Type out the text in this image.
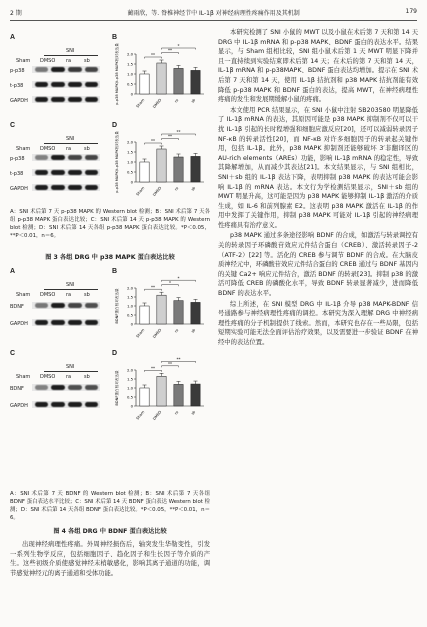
2 期	蔺雨欣，等. 脊椎神经节中 IL-1β 对神经病理性疼痛作用及其机制	179
A
SNI
Sham DMSO ra	sb
p-p38
t-p38
GAPDH
B
p-p38 MAPK/t-p38 MAPK相对表达量	0
0.5
1.0
1.5
2.0
Sham DMSO	ra	sb
**
**
*
C
SNI
Sham DMSO ra	sb
p-p38
t-p38
GAPDH
D
p-p38 MAPK/t-p38 MAPK相对表达量	0
0.5
1.0
1.5
2.0
Sham DMSO	ra	sb
**
**
**
A：SNI 术后第 7 天 p-p38 MAPK 的 Western blot 检测；B：SNI 术后第 7 天各组 p-p38 MAPK 蛋白表达比较；C：SNI 术后第 14 天 p-p38 MAPK 的 Western blot 检测；D：SNI 术后第 14 天各组 p-p38 MAPK 蛋白表达比较。*P＜0.05，**P＜0.01，n＝6。
图 3 各组 DRG 中 p38 MAPK 蛋白表达比较
A
SNI
Sham DMSO ra	sb
BDNF
GAPDH
B
BDNF蛋白相对表达量
0
0.5
1.0
1.5
2.0
Sham DMSO	ra	sb
**
*
*
C
SNI
Sham DMSO ra	sb
BDNF
GAPDH
D
BDNF蛋白相对表达量
0
0.5
1.0
1.5
2.0
Sham DMSO	ra	sb
**
**
**
A：SNI 术后第 7 天 BDNF 的 Western blot 检测；B：SNI 术后第 7 天各组 BDNF 蛋白表达水平比较；C：SNI 术后第 14 天 BDNF 蛋白表达 Western blot 检测；D：SNI 术后第 14 天各组 BDNF 蛋白表达比较。*P＜0.05，**P＜0.01，n＝6。
图 4 各组 DRG 中 BDNF 蛋白表达比较

出现神经病理性疼痛。外周神经损伤后，轴突发生华勒变性，引发一系列生物学反应，包括细胞因子、趋化因子和生长因子等介质的产生。这些初级介质使感觉神经末梢敏感化，影响其离子通道的功能，调节感觉神经元的离子通道和受体功能。

本研究检测了 SNI 小鼠的 MWT 以及小鼠在术后第 7 天和第 14 天 DRG 中 IL-1β mRNA 和 p-p38 MAPK、BDNF 蛋白的表达水平。结果显示，与 Sham 组相比较，SNI 组小鼠术后第 1 天 MWT 明显下降并且一直持续到实验结束即术后第 14 天；在术后的第 7 天和第 14 天，IL-1β mRNA 和 p-p38MAPK、BDNF 蛋白表达均增加。提示在 SNI 术后第 7 天和第 14 天，使用 IL-1β 拮抗剂和 p38 MAPK 拮抗剂能有效降低 p-p38 MAPK 和 BDNF 蛋白的表达，提高 MWT，在神经病理性疼痛的发生和发展期缓解小鼠的疼痛。

本文使用 PCR 结果显示，在 SNI 小鼠中注射 SB203580 明显降低了 IL-1β mRNA 的表达，其原因可能是 p38 MAPK 抑制剂不仅可以干扰 IL-1β 引起的长时程增强和细胞应激反应[20]，还可以减弱转录因子 NF-κB 的转录活性[20]，而 NF-κB 对许多细胞因子的转录起关键作用，包括 IL-1β。此外，p38 MAPK 抑制剂还能够破坏 3′非翻译区的 AU-rich elements（AREs）功能，影响 IL-1β mRNA 的稳定性，导致其降解增加，从而减少其表达[21]。本文结果显示，与 SNI 组相比，SNI＋sb 组的 IL-1β 表达下降，表明抑制 p38 MAPK 的表达可能会影响 IL-1β 的 mRNA 表达。本文行为学检测结果显示，SNI＋sb 组的 MWT 明显升高，这可能是因为 p38 MAPK 能够抑制 IL-1β 激活的介质生成，如 IL-6 和前列腺素 E2。这表明 p38 MAPK 激活在 IL-1β 的作用中发挥了关键作用，抑制 p38 MAPK 可能对 IL-1β 引起的神经病理性疼痛具有治疗意义。

p38 MAPK 通过多条途径影响 BDNF 的合成，如激活与转录调控有关的转录因子环磷酸苷效应元件结合蛋白（CREB）、激活转录因子-2（ATF-2）[22] 等。活化的 CREB 参与调节 BDNF 的合成。在大脑皮质神经元中，环磷酸苷效应元件结合蛋白的 CREB 通过与 BDNF 基因内的关键 Ca2+ 响应元件结合，激活 BDNF 的转录[23]。抑制 p38 的激活可降低 CREB 的磷酸化水平，导致 BDNF 转录显著减少，进而降低 BDNF 的表达水平。

综上所述，在 SNI 模型 DRG 中 IL-1β 介导 p38 MAPK-BDNF 信号通路参与神经病理性疼痛的调控。本研究为深入理解 DRG 中神经病理性疼痛的分子机制提供了线索。然而，本研究也存在一些局限，包括短期实验可能无法全面评估治疗效果，以及需要进一步验证 BDNF 在神经中的表达位置。
